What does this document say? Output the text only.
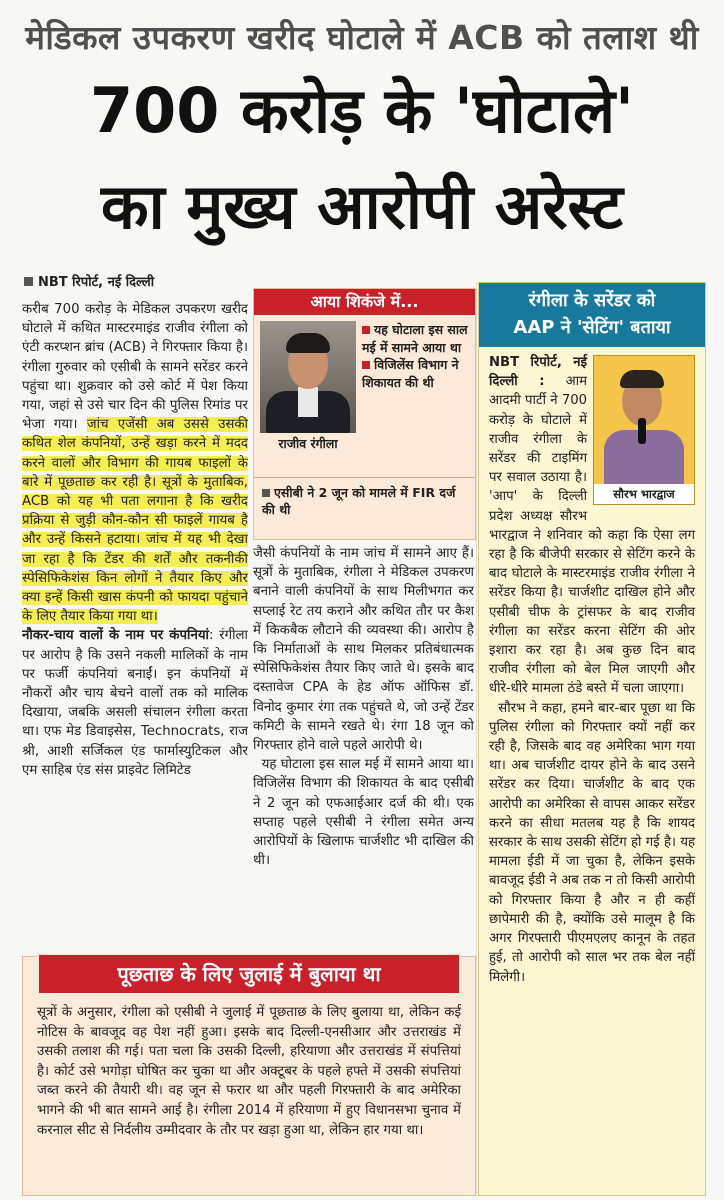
मेडिकल उपकरण खरीद घोटाले में ACB को तलाश थी
700 करोड़ के 'घोटाले'
का मुख्य आरोपी अरेस्ट
NBT रिपोर्ट, नई दिल्ली
करीब 700 करोड़ के मेडिकल उपकरण खरीद घोटाले में कथित मास्टरमाइंड राजीव रंगीला को एंटी करप्शन ब्रांच (ACB) ने गिरफ्तार किया है। रंगीला गुरुवार को एसीबी के सामने सरेंडर करने पहुंचा था। शुक्रवार को उसे कोर्ट में पेश किया गया, जहां से उसे चार दिन की पुलिस रिमांड पर भेजा गया। जांच एजेंसी अब उससे उसकी कथित शेल कंपनियों, उन्हें खड़ा करने में मदद करने वालों और विभाग की गायब फाइलों के बारे में पूछताछ कर रही है। सूत्रों के मुताबिक, ACB को यह भी पता लगाना है कि खरीद प्रक्रिया से जुड़ी कौन-कौन सी फाइलें गायब है और उन्हें किसने हटाया। जांच में यह भी देखा जा रहा है कि टेंडर की शर्तें और तकनीकी स्पेसिफिकेशंस किन लोगों ने तैयार किए और क्या इन्हें किसी खास कंपनी को फायदा पहुंचाने के लिए तैयार किया गया था।
नौकर-चाय वालों के नाम पर कंपनियां: रंगीला पर आरोप है कि उसने नकली मालिकों के नाम पर फर्जी कंपनियां बनाईं। इन कंपनियों में नौकरों और चाय बेचने वालों तक को मालिक दिखाया, जबकि असली संचालन रंगीला करता था। एफ मेड डिवाइसेस, Technocrats, राज श्री, आशी सर्जिकल एंड फार्मास्युटिकल और एम साहिब एंड संस प्राइवेट लिमिटेड
आया शिकंजे में...
राजीव रंगीला
यह घोटाला इस साल मई में सामने आया था
विजिलेंस विभाग ने शिकायत की थी
एसीबी ने 2 जून को मामले में FIR दर्ज की थी
जैसी कंपनियों के नाम जांच में सामने आए हैं। सूत्रों के मुताबिक, रंगीला ने मेडिकल उपकरण बनाने वाली कंपनियों के साथ मिलीभगत कर सप्लाई रेट तय कराने और कथित तौर पर कैश में किकबैक लौटाने की व्यवस्था की। आरोप है कि निर्माताओं के साथ मिलकर प्रतिबंधात्मक स्पेसिफिकेशंस तैयार किए जाते थे। इसके बाद दस्तावेज CPA के हेड ऑफ ऑफिस डॉ. विनोद कुमार रंगा तक पहुंचते थे, जो उन्हें टेंडर कमिटी के सामने रखते थे। रंगा 18 जून को गिरफ्तार होने वाले पहले आरोपी थे।
यह घोटाला इस साल मई में सामने आया था। विजिलेंस विभाग की शिकायत के बाद एसीबी ने 2 जून को एफआईआर दर्ज की थी। एक सप्ताह पहले एसीबी ने रंगीला समेत अन्य आरोपियों के खिलाफ चार्जशीट भी दाखिल की थी।
रंगीला के सरेंडर को
AAP ने 'सेटिंग' बताया
सौरभ भारद्वाज

NBT रिपोर्ट, नई दिल्ली : आम आदमी पार्टी ने 700 करोड़ के घोटाले में राजीव रंगीला के सरेंडर की टाइमिंग पर सवाल उठाया है। 'आप' के दिल्ली प्रदेश अध्यक्ष सौरभ भारद्वाज ने शनिवार को कहा कि ऐसा लग रहा है कि बीजेपी सरकार से सेटिंग करने के बाद घोटाले के मास्टरमाइंड राजीव रंगीला ने सरेंडर किया है। चार्जशीट दाखिल होने और एसीबी चीफ के ट्रांसफर के बाद राजीव रंगीला का सरेंडर करना सेटिंग की ओर इशारा कर रहा है। अब कुछ दिन बाद राजीव रंगीला को बेल मिल जाएगी और धीरे-धीरे मामला ठंडे बस्ते में चला जाएगा।

सौरभ ने कहा, हमने बार-बार पूछा था कि पुलिस रंगीला को गिरफ्तार क्यों नहीं कर रही है, जिसके बाद वह अमेरिका भाग गया था। अब चार्जशीट दायर होने के बाद उसने सरेंडर कर दिया। चार्जशीट के बाद एक आरोपी का अमेरिका से वापस आकर सरेंडर करने का सीधा मतलब यह है कि शायद सरकार के साथ उसकी सेटिंग हो गई है। यह मामला ईडी में जा चुका है, लेकिन इसके बावजूद ईडी ने अब तक न तो किसी आरोपी को गिरफ्तार किया है और न ही कहीं छापेमारी की है, क्योंकि उसे मालूम है कि अगर गिरफ्तारी पीएमएलए कानून के तहत हुई, तो आरोपी को साल भर तक बेल नहीं मिलेगी।

पूछताछ के लिए जुलाई में बुलाया था
सूत्रों के अनुसार, रंगीला को एसीबी ने जुलाई में पूछताछ के लिए बुलाया था, लेकिन कई नोटिस के बावजूद वह पेश नहीं हुआ। इसके बाद दिल्ली-एनसीआर और उत्तराखंड में उसकी तलाश की गई। पता चला कि उसकी दिल्ली, हरियाणा और उत्तराखंड में संपत्तियां है। कोर्ट उसे भगोड़ा घोषित कर चुका था और अक्टूबर के पहले हफ्ते में उसकी संपत्तियां जब्त करने की तैयारी थी। वह जून से फरार था और पहली गिरफ्तारी के बाद अमेरिका भागने की भी बात सामने आई है। रंगीला 2014 में हरियाणा में हुए विधानसभा चुनाव में करनाल सीट से निर्दलीय उम्मीदवार के तौर पर खड़ा हुआ था, लेकिन हार गया था।
